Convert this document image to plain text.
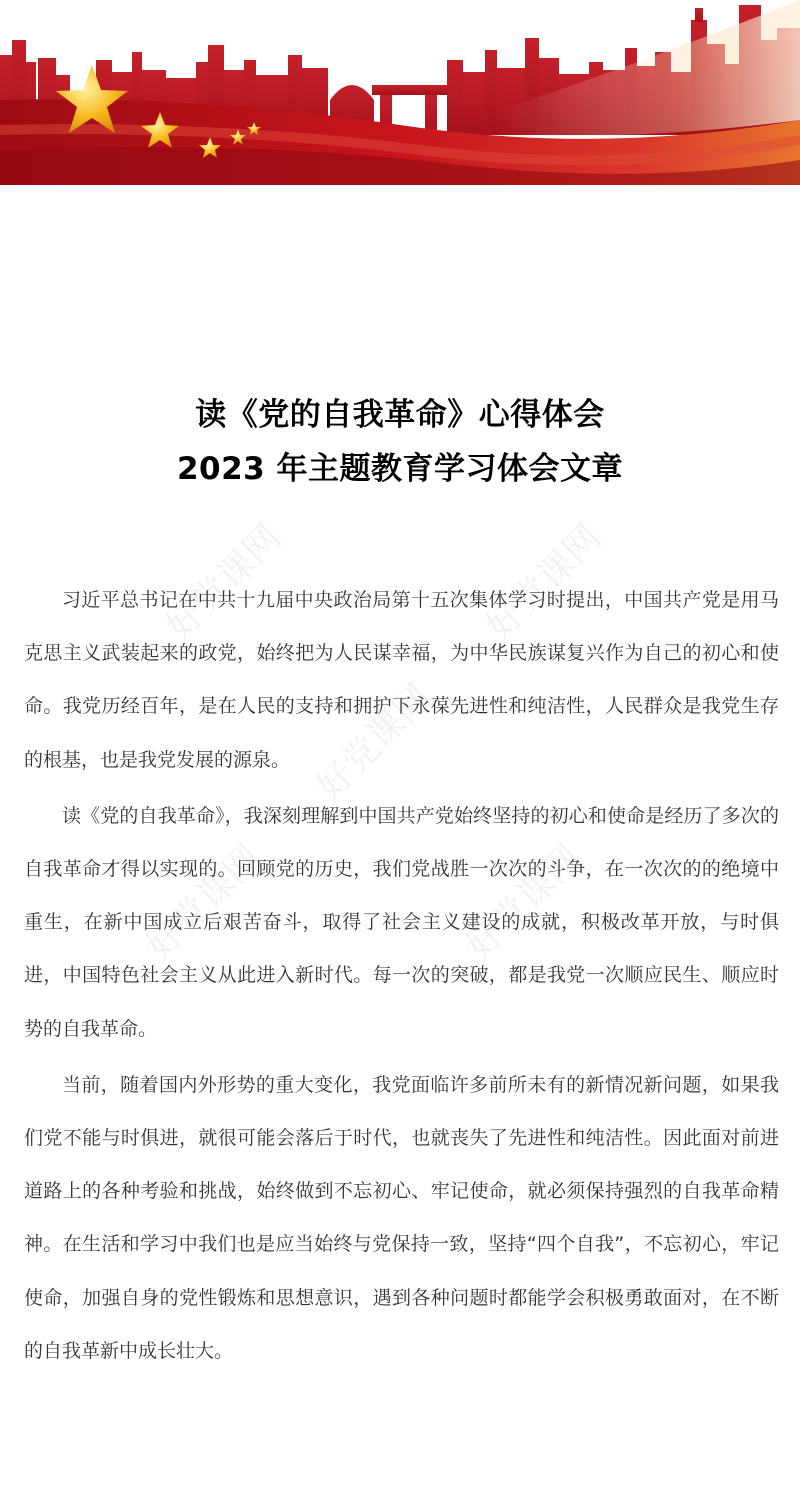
好党课网	好党课网
好党课网
好党课网	好党课网
读《党的自我革命》心得体会
2023 年主题教育学习体会文章

习近平总书记在中共十九届中央政治局第十五次集体学习时提出，中国共产党是用马克思主义武装起来的政党，始终把为人民谋幸福，为中华民族谋复兴作为自己的初心和使命。我党历经百年，是在人民的支持和拥护下永葆先进性和纯洁性，人民群众是我党生存的根基，也是我党发展的源泉。

读《党的自我革命》，我深刻理解到中国共产党始终坚持的初心和使命是经历了多次的自我革命才得以实现的。回顾党的历史，我们党战胜一次次的斗争，在一次次的的绝境中重生，在新中国成立后艰苦奋斗，取得了社会主义建设的成就，积极改革开放，与时俱进，中国特色社会主义从此进入新时代。每一次的突破，都是我党一次顺应民生、顺应时势的自我革命。

当前，随着国内外形势的重大变化，我党面临许多前所未有的新情况新问题，如果我们党不能与时俱进，就很可能会落后于时代，也就丧失了先进性和纯洁性。因此面对前进道路上的各种考验和挑战，始终做到不忘初心、牢记使命，就必须保持强烈的自我革命精神。在生活和学习中我们也是应当始终与党保持一致，坚持“四个自我”，不忘初心，牢记使命，加强自身的党性锻炼和思想意识，遇到各种问题时都能学会积极勇敢面对，在不断的自我革新中成长壮大。
